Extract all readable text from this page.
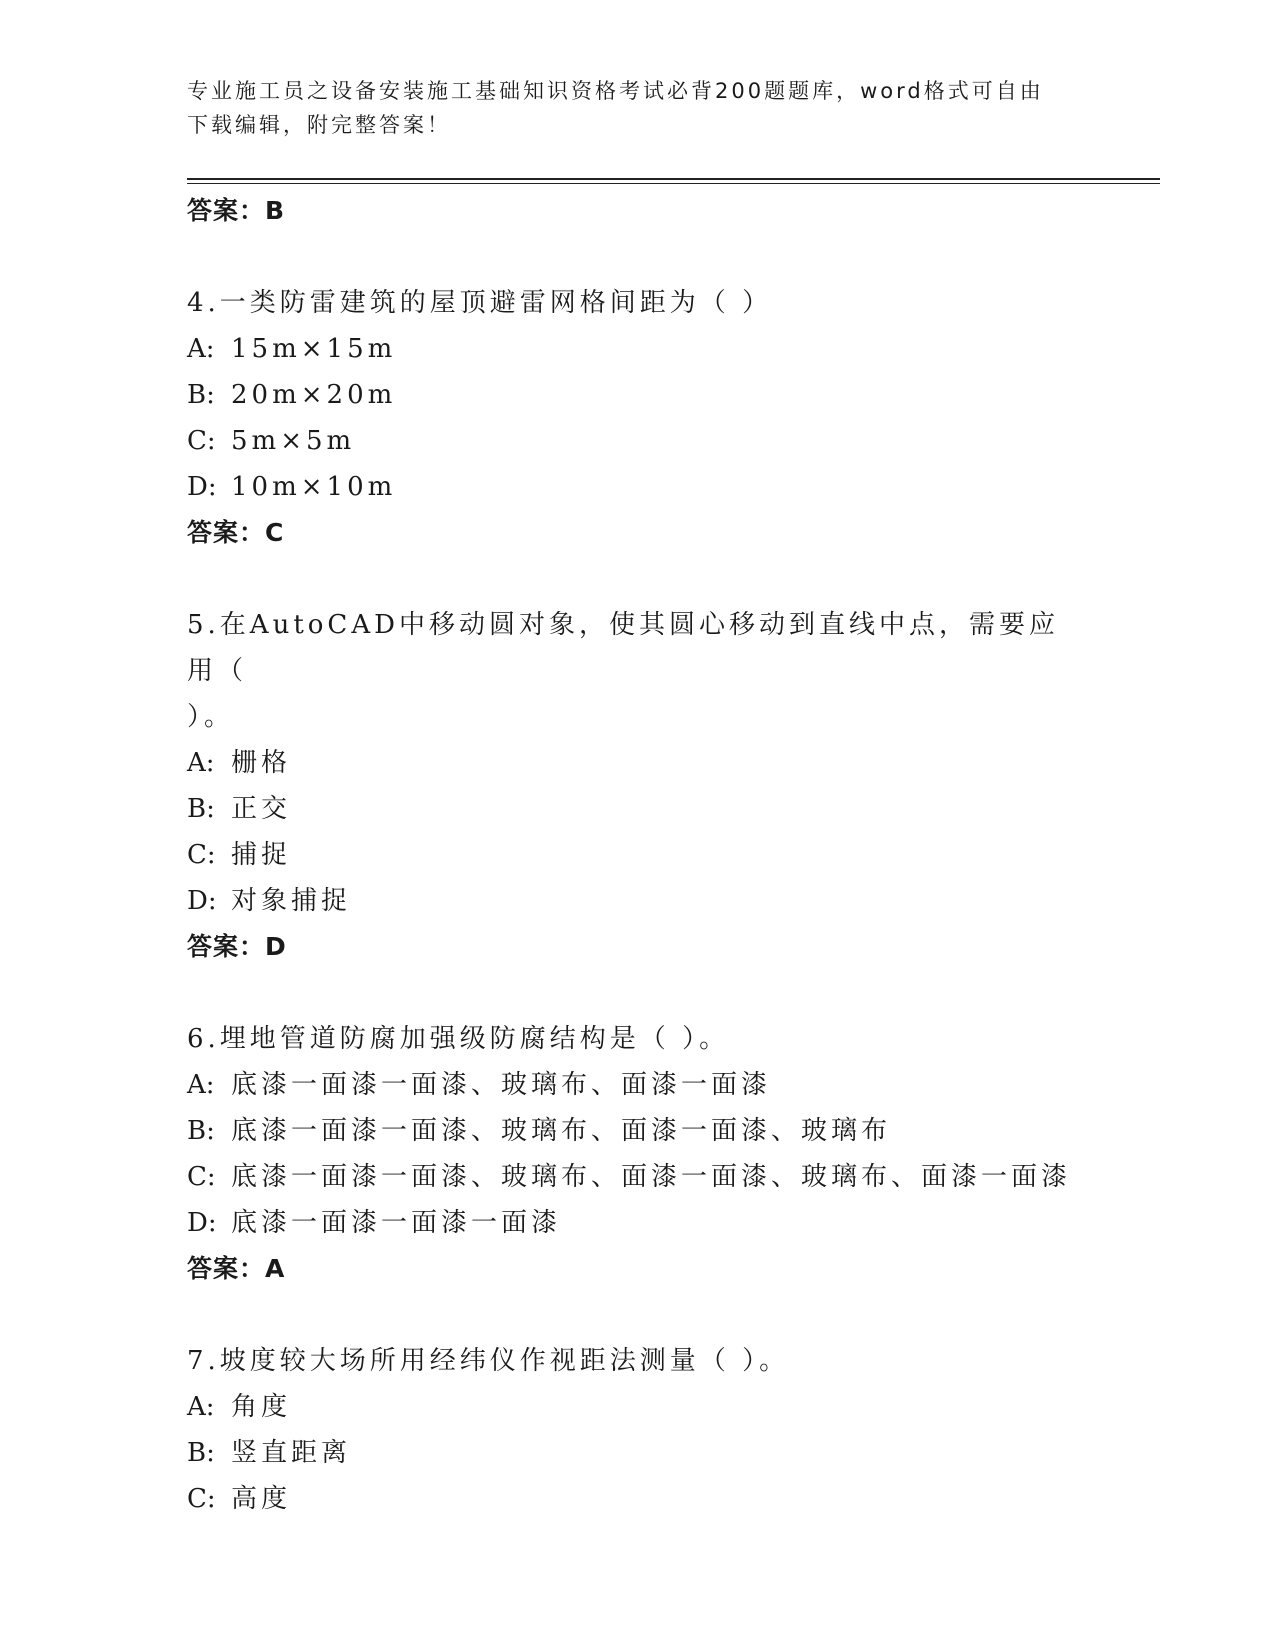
专业施工员之设备安装施工基础知识资格考试必背200题题库，word格式可自由
下载编辑，附完整答案！
答案：B
4.一类防雷建筑的屋顶避雷网格间距为（ ）
A: 15m×15m
B: 20m×20m
C: 5m×5m
D: 10m×10m
答案：C
5.在AutoCAD中移动圆对象，使其圆心移动到直线中点，需要应用（
）。
A: 栅格
B: 正交
C: 捕捉
D: 对象捕捉
答案：D
6.埋地管道防腐加强级防腐结构是（ ）。
A: 底漆一面漆一面漆、玻璃布、面漆一面漆
B: 底漆一面漆一面漆、玻璃布、面漆一面漆、玻璃布
C: 底漆一面漆一面漆、玻璃布、面漆一面漆、玻璃布、面漆一面漆
D: 底漆一面漆一面漆一面漆
答案：A
7.坡度较大场所用经纬仪作视距法测量（ ）。
A: 角度
B: 竖直距离
C: 高度
